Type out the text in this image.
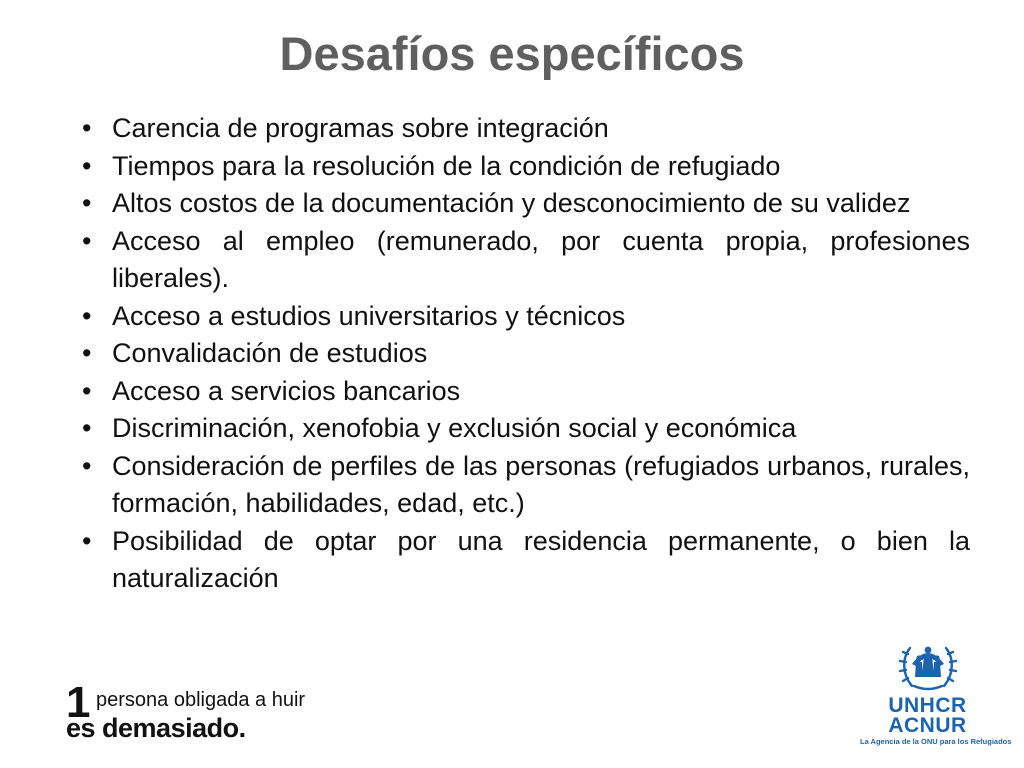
Desafíos específicos
• Carencia de programas sobre integración
• Tiempos para la resolución de la condición de refugiado
• Altos costos de la documentación y desconocimiento de su validez
• Acceso al empleo (remunerado, por cuenta propia, profesiones liberales).
• Acceso a estudios universitarios y técnicos
• Convalidación de estudios
• Acceso a servicios bancarios
• Discriminación, xenofobia y exclusión social y económica
• Consideración de perfiles de las personas (refugiados urbanos, rurales, formación, habilidades, edad, etc.)
• Posibilidad de optar por una residencia permanente, o bien la naturalización
1 persona obligada a huir
es demasiado.
UNHCR
ACNUR
La Agencia de la ONU para los Refugiados
